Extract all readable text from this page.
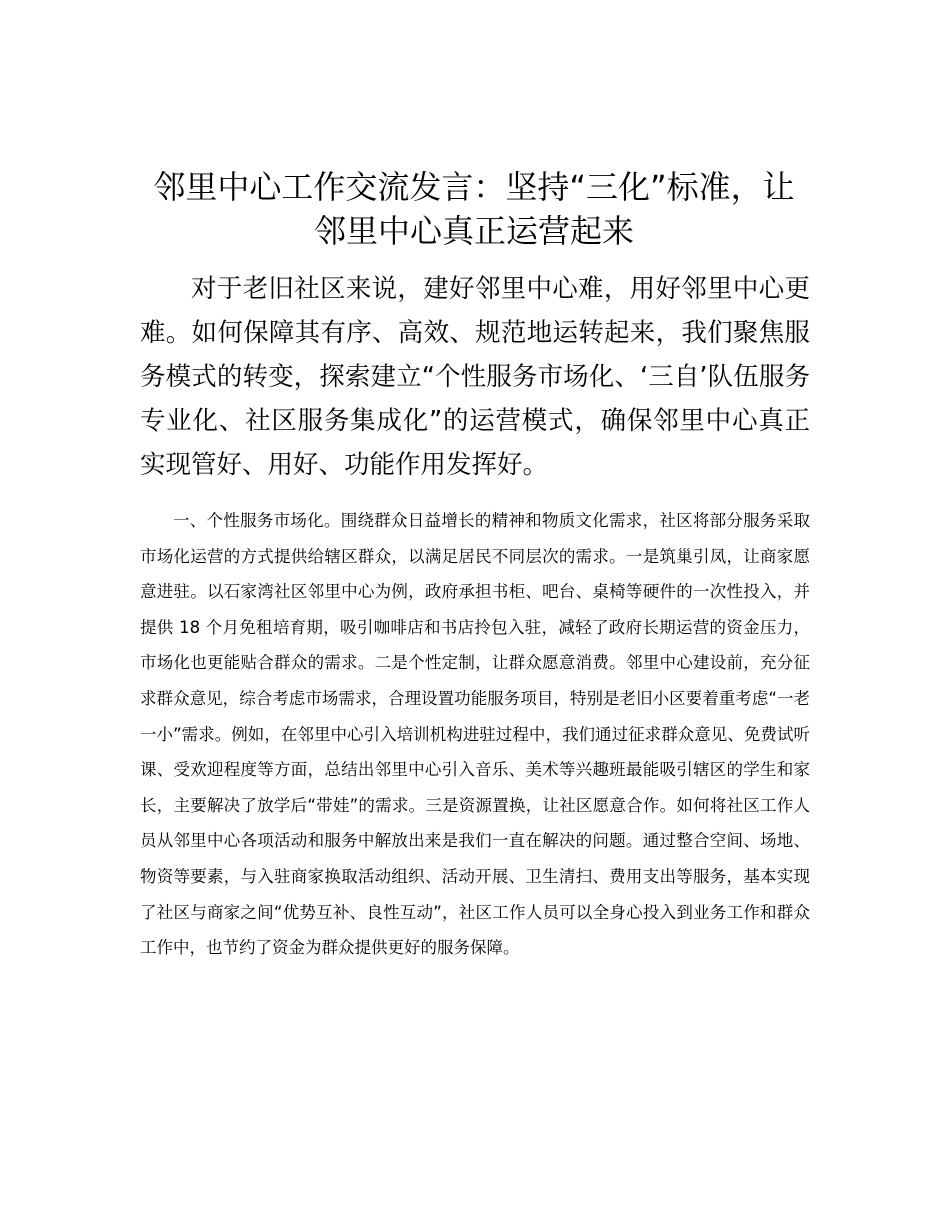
邻里中心工作交流发言：坚持“三化”标准，让邻里中心真正运营起来

对于老旧社区来说，建好邻里中心难，用好邻里中心更难。如何保障其有序、高效、规范地运转起来，我们聚焦服务模式的转变，探索建立“个性服务市场化、‘三自’队伍服务专业化、社区服务集成化”的运营模式，确保邻里中心真正实现管好、用好、功能作用发挥好。

一、个性服务市场化。围绕群众日益增长的精神和物质文化需求，社区将部分服务采取市场化运营的方式提供给辖区群众，以满足居民不同层次的需求。一是筑巢引凤，让商家愿意进驻。以石家湾社区邻里中心为例，政府承担书柜、吧台、桌椅等硬件的一次性投入，并提供 18 个月免租培育期，吸引咖啡店和书店拎包入驻，减轻了政府长期运营的资金压力，市场化也更能贴合群众的需求。二是个性定制，让群众愿意消费。邻里中心建设前，充分征求群众意见，综合考虑市场需求，合理设置功能服务项目，特别是老旧小区要着重考虑“一老一小”需求。例如，在邻里中心引入培训机构进驻过程中，我们通过征求群众意见、免费试听课、受欢迎程度等方面，总结出邻里中心引入音乐、美术等兴趣班最能吸引辖区的学生和家长，主要解决了放学后“带娃”的需求。三是资源置换，让社区愿意合作。如何将社区工作人员从邻里中心各项活动和服务中解放出来是我们一直在解决的问题。通过整合空间、场地、物资等要素，与入驻商家换取活动组织、活动开展、卫生清扫、费用支出等服务，基本实现了社区与商家之间“优势互补、良性互动”，社区工作人员可以全身心投入到业务工作和群众工作中，也节约了资金为群众提供更好的服务保障。
